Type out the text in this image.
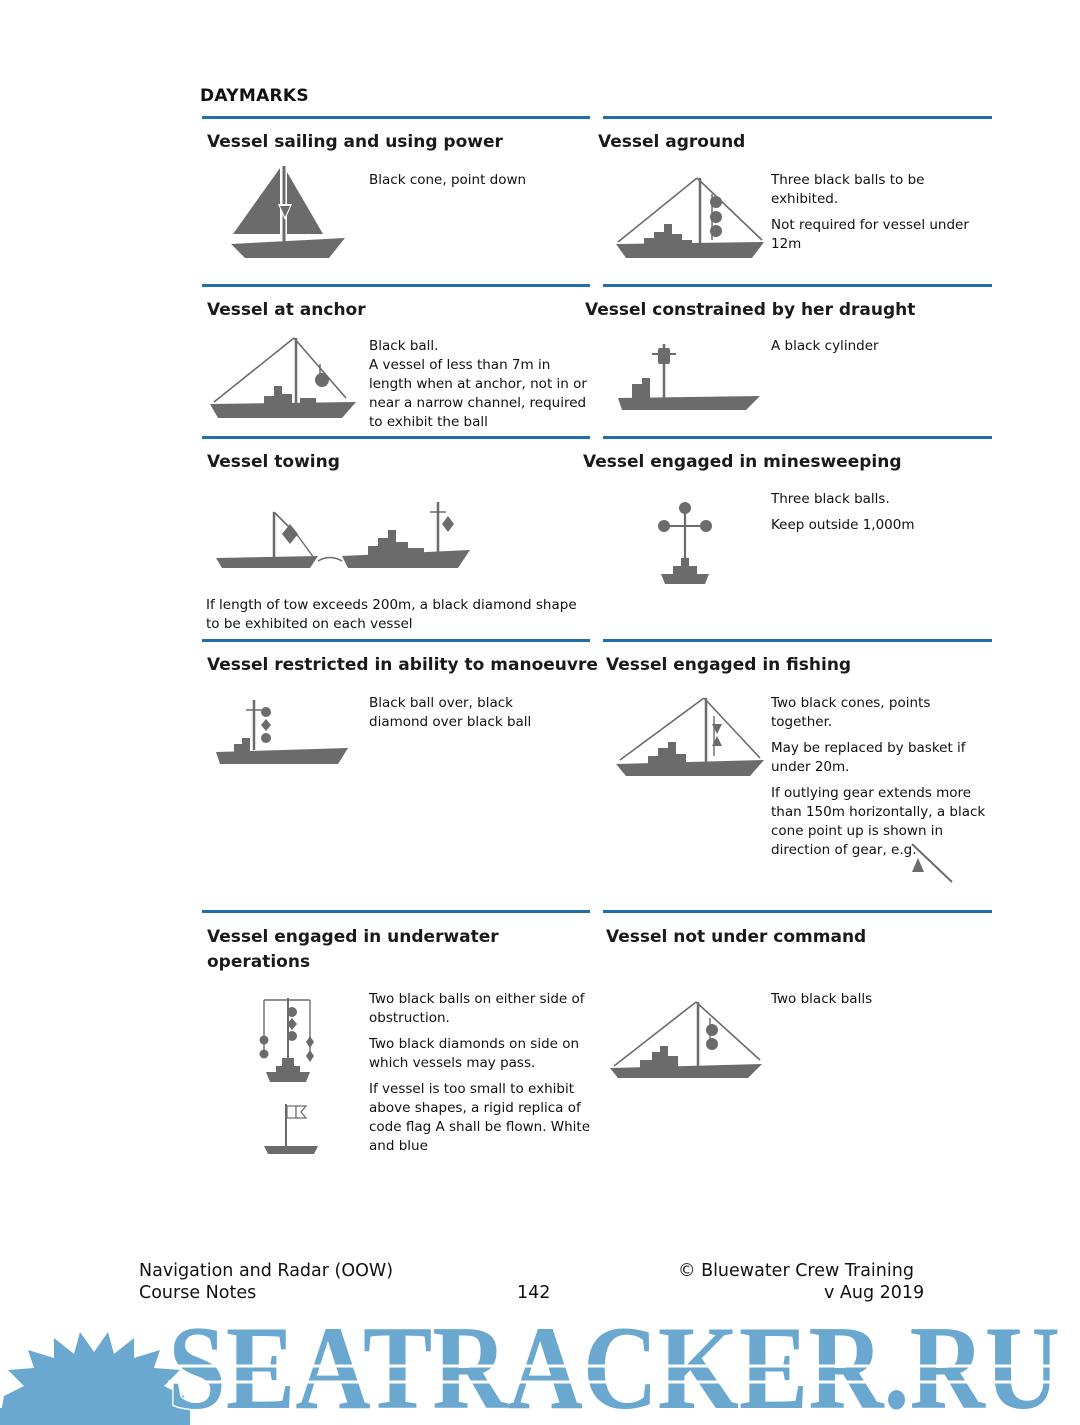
DAYMARKS
Vessel sailing and using power

Black cone, point down

Vessel aground

Three black balls to be exhibited.

Not required for vessel under 12m

Vessel at anchor

Black ball.

A vessel of less than 7m in length when at anchor, not in or near a narrow channel, required to exhibit the ball

Vessel constrained by her draught

A black cylinder

Vessel towing

If length of tow exceeds 200m, a black diamond shape to be exhibited on each vessel

Vessel engaged in minesweeping

Three black balls.

Keep outside 1,000m

Vessel restricted in ability to manoeuvre

Black ball over, black diamond over black ball

Vessel engaged in fishing

Two black cones, points together.

May be replaced by basket if under 20m.

If outlying gear extends more than 150m horizontally, a black cone point up is shown in direction of gear, e.g.

Vessel engaged in underwater
operations

Two black balls on either side of obstruction.

Two black diamonds on side on which vessels may pass.

If vessel is too small to exhibit above shapes, a rigid replica of code flag A shall be flown. White and blue

Vessel not under command

Two black balls

Navigation and Radar (OOW)
Course Notes	142
© Bluewater Crew Training
v Aug 2019
SEATRACKER.RU
